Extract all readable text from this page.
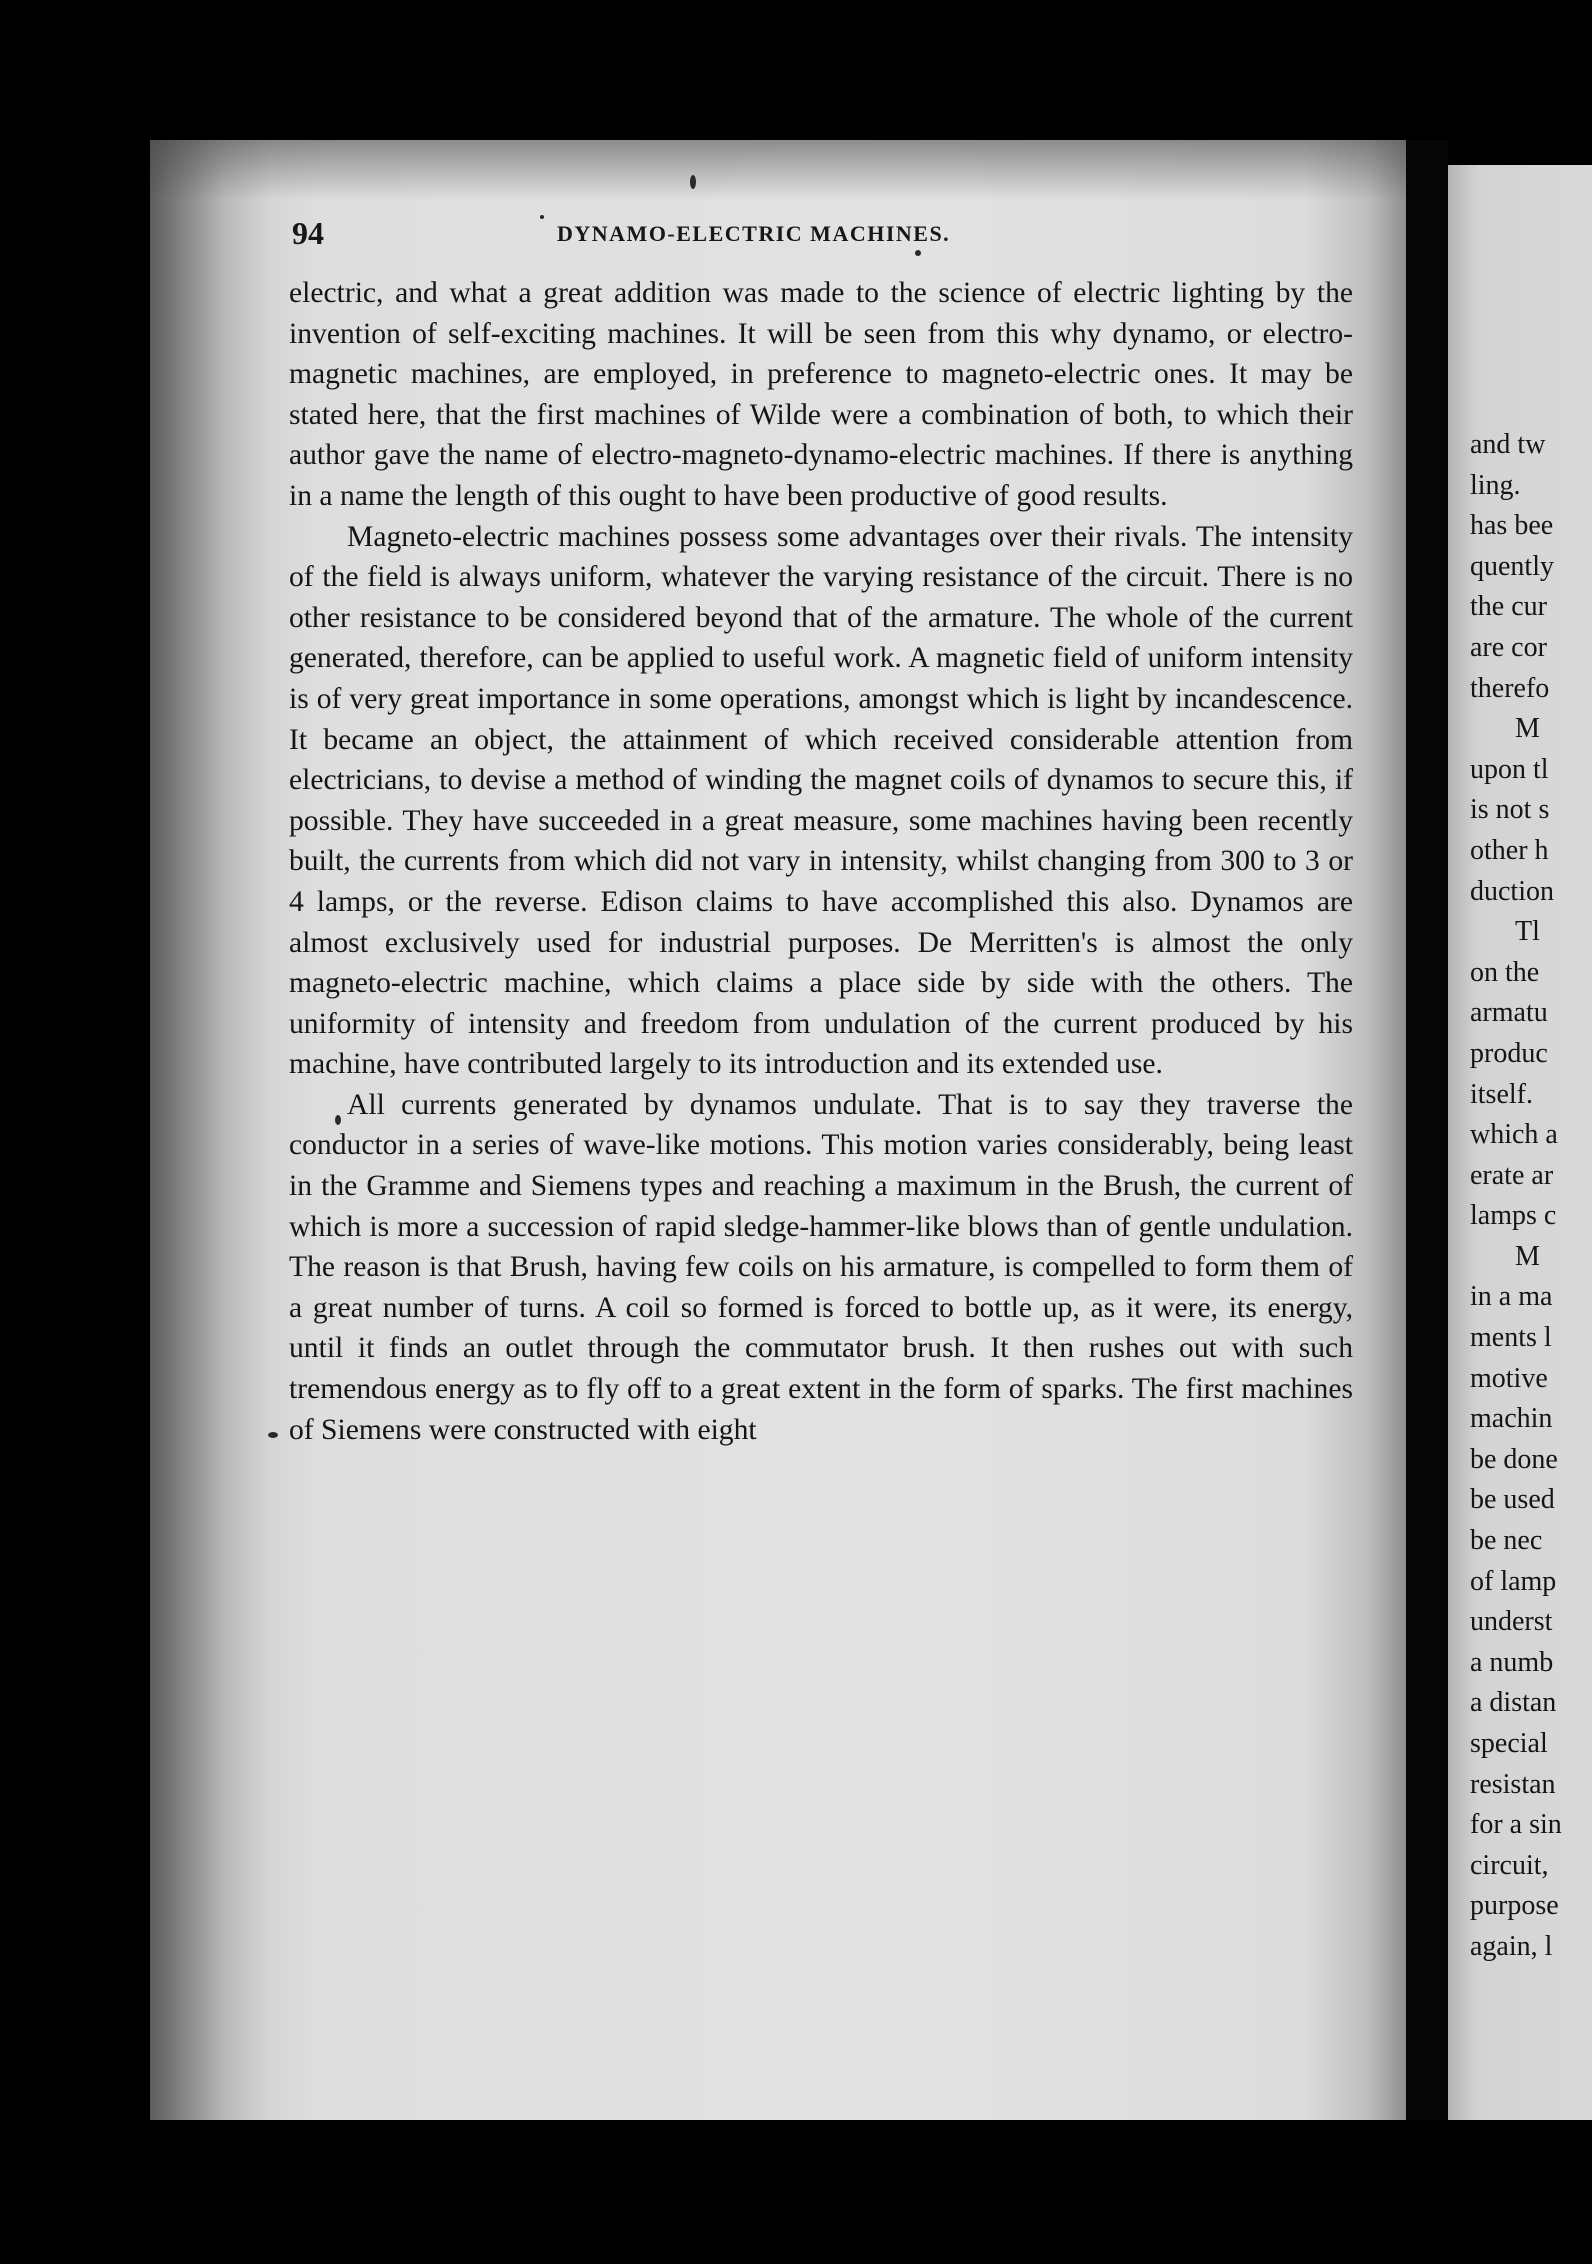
and tw
ling.
has bee
quently
the cur
are cor
therefo
M
upon tl
is not s
other h
duction
Tl
on the
armatu
produc
itself.
which a
erate ar
lamps c
M
in a ma
ments l
motive
machin
be done
be used
be nec
of lamp
underst
a numb
a distan
special
resistan
for a sin
circuit,
purpose
again, l
94	DYNAMO-ELECTRIC MACHINES.

electric, and what a great addition was made to the science of electric lighting by the invention of self-exciting machines. It will be seen from this why dynamo, or electro-magnetic machines, are employed, in preference to magneto-electric ones. It may be stated here, that the first machines of Wilde were a combination of both, to which their author gave the name of electro-magneto-dynamo-electric machines. If there is anything in a name the length of this ought to have been productive of good results.

Magneto-electric machines possess some advantages over their rivals. The intensity of the field is always uniform, whatever the varying resistance of the circuit. There is no other resistance to be considered beyond that of the armature. The whole of the current generated, therefore, can be applied to useful work. A magnetic field of uniform intensity is of very great importance in some operations, amongst which is light by incandescence. It became an object, the attainment of which received considerable attention from electricians, to devise a method of winding the magnet coils of dynamos to secure this, if possible. They have succeeded in a great measure, some machines having been recently built, the currents from which did not vary in intensity, whilst changing from 300 to 3 or 4 lamps, or the reverse. Edison claims to have accomplished this also. Dynamos are almost exclusively used for industrial purposes. De Merritten's is almost the only magneto-electric machine, which claims a place side by side with the others. The uniformity of intensity and freedom from undulation of the current produced by his machine, have contributed largely to its introduction and its extended use.

All currents generated by dynamos undulate. That is to say they traverse the conductor in a series of wave-like motions. This motion varies considerably, being least in the Gramme and Siemens types and reaching a maximum in the Brush, the current of which is more a succession of rapid sledge-hammer-like blows than of gentle undulation. The reason is that Brush, having few coils on his armature, is compelled to form them of a great number of turns. A coil so formed is forced to bottle up, as it were, its energy, until it finds an outlet through the commutator brush. It then rushes out with such tremendous energy as to fly off to a great extent in the form of sparks. The first machines of Siemens were constructed with eight
